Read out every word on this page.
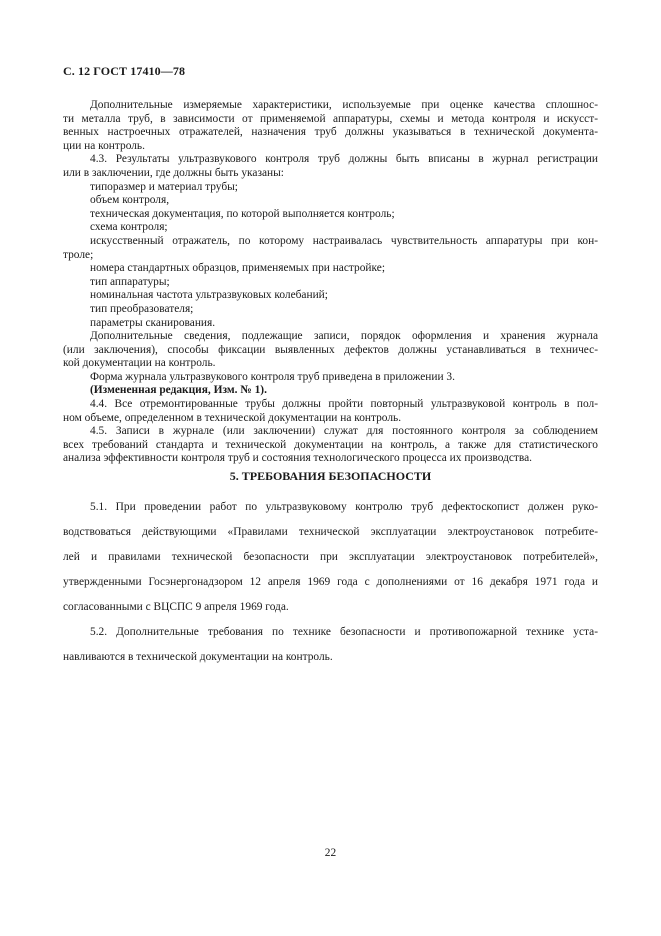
С. 12 ГОСТ 17410—78

Дополнительные измеряемые характеристики, используемые при оценке качества сплошнос-

ти металла труб, в зависимости от применяемой аппаратуры, схемы и метода контроля и искусст-

венных настроечных отражателей, назначения труб должны указываться в технической документа-

ции на контроль.

4.3. Результаты ультразвукового контроля труб должны быть вписаны в журнал регистрации

или в заключении, где должны быть указаны:

типоразмер и материал трубы;

объем контроля,

техническая документация, по которой выполняется контроль;

схема контроля;

искусственный отражатель, по которому настраивалась чувствительность аппаратуры при кон-

троле;

номера стандартных образцов, применяемых при настройке;

тип аппаратуры;

номинальная частота ультразвуковых колебаний;

тип преобразователя;

параметры сканирования.

Дополнительные сведения, подлежащие записи, порядок оформления и хранения журнала

(или заключения), способы фиксации выявленных дефектов должны устанавливаться в техничес-

кой документации на контроль.

Форма журнала ультразвукового контроля труб приведена в приложении 3.

(Измененная редакция, Изм. № 1).

4.4. Все отремонтированные трубы должны пройти повторный ультразвуковой контроль в пол-

ном объеме, определенном в технической документации на контроль.

4.5. Записи в журнале (или заключении) служат для постоянного контроля за соблюдением

всех требований стандарта и технической документации на контроль, а также для статистического

анализа эффективности контроля труб и состояния технологического процесса их производства.

5. ТРЕБОВАНИЯ БЕЗОПАСНОСТИ

5.1. При проведении работ по ультразвуковому контролю труб дефектоскопист должен руко-

водствоваться действующими «Правилами технической эксплуатации электроустановок потребите-

лей и правилами технической безопасности при эксплуатации электроустановок потребителей»,

утвержденными Госэнергонадзором 12 апреля 1969 года с дополнениями от 16 декабря 1971 года и

согласованными с ВЦСПС 9 апреля 1969 года.

5.2. Дополнительные требования по технике безопасности и противопожарной технике уста-

навливаются в технической документации на контроль.

22
